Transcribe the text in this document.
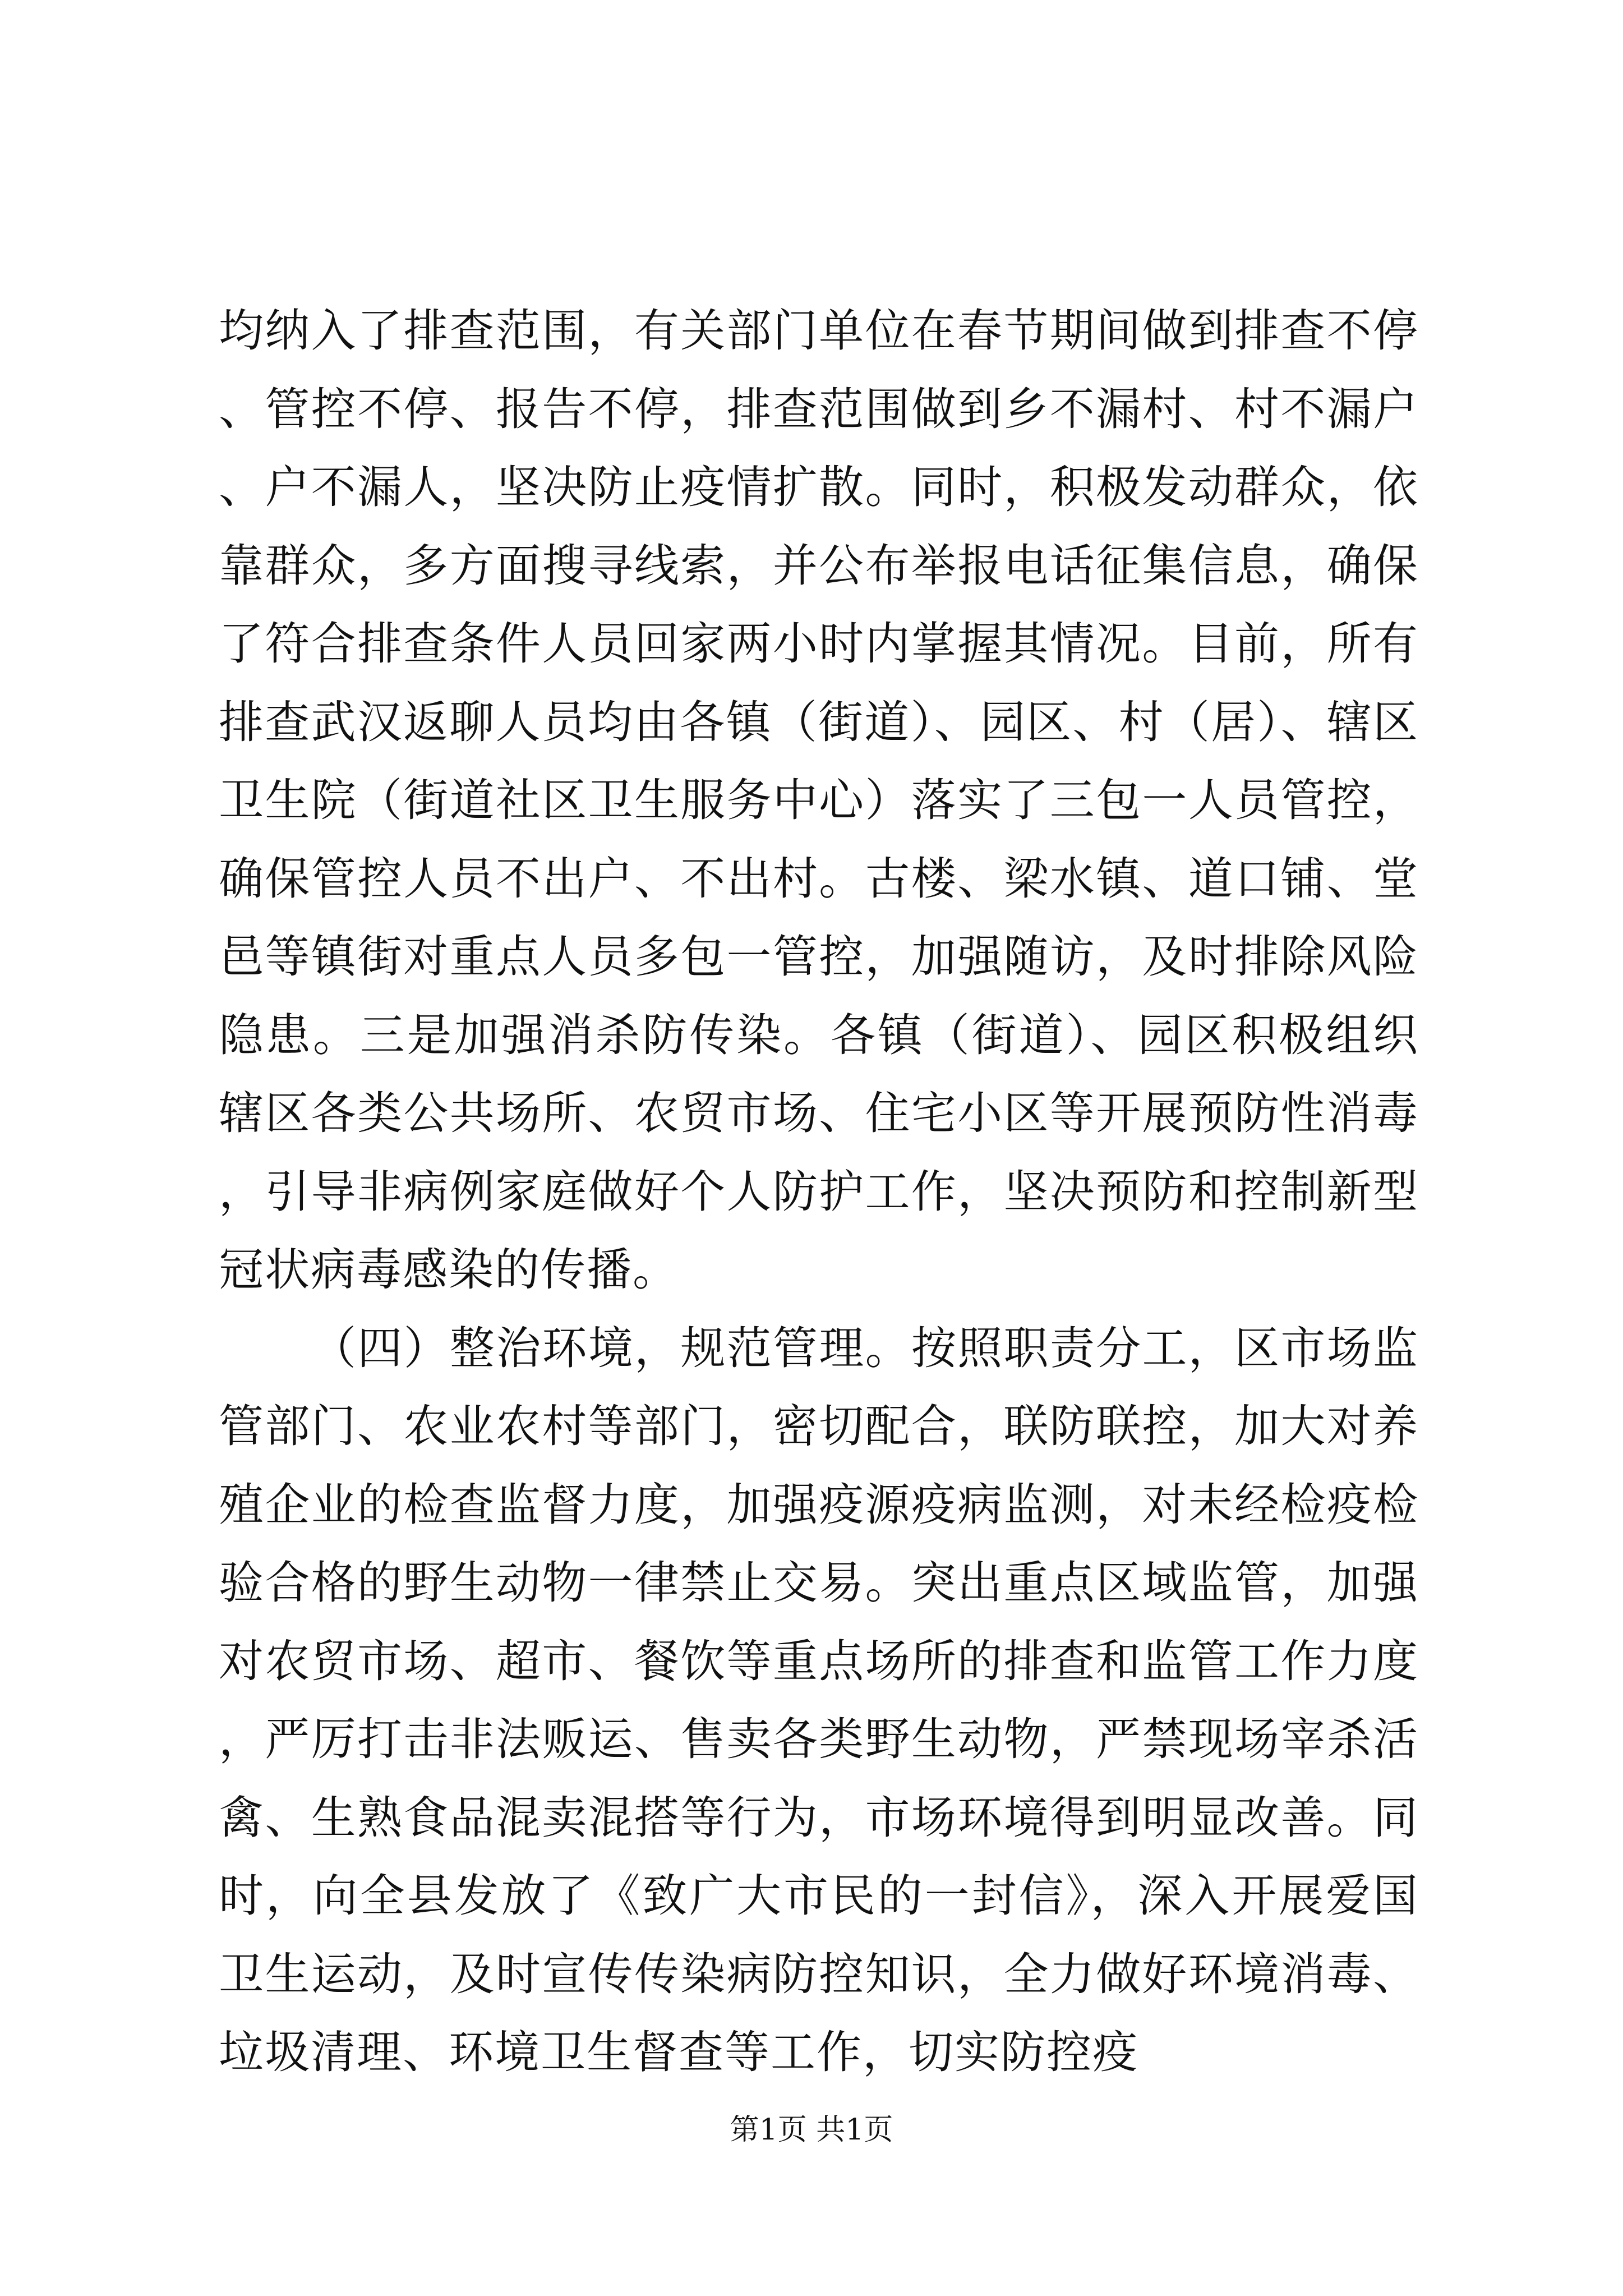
均纳入了排查范围，有关部门单位在春节期间做到排查不停、管控不停、报告不停，排查范围做到乡不漏村、村不漏户、户不漏人，坚决防止疫情扩散。同时，积极发动群众，依靠群众，多方面搜寻线索，并公布举报电话征集信息，确保了符合排查条件人员回家两小时内掌握其情况。目前，所有排查武汉返聊人员均由各镇（街道）、园区、村（居）、辖区卫生院（街道社区卫生服务中心）落实了三包一人员管控，确保管控人员不出户、不出村。古楼、梁水镇、道口铺、堂邑等镇街对重点人员多包一管控，加强随访，及时排除风险隐患。三是加强消杀防传染。各镇（街道）、园区积极组织辖区各类公共场所、农贸市场、住宅小区等开展预防性消毒，引导非病例家庭做好个人防护工作，坚决预防和控制新型冠状病毒感染的传播。

（四）整治环境，规范管理。按照职责分工，区市场监管部门、农业农村等部门，密切配合，联防联控，加大对养殖企业的检查监督力度，加强疫源疫病监测，对未经检疫检验合格的野生动物一律禁止交易。突出重点区域监管，加强对农贸市场、超市、餐饮等重点场所的排查和监管工作力度，严厉打击非法贩运、售卖各类野生动物，严禁现场宰杀活禽、生熟食品混卖混搭等行为，市场环境得到明显改善。同时，向全县发放了《致广大市民的一封信》，深入开展爱国卫生运动，及时宣传传染病防控知识，全力做好环境消毒、垃圾清理、环境卫生督查等工作，切实防控疫

第1页 共1页
